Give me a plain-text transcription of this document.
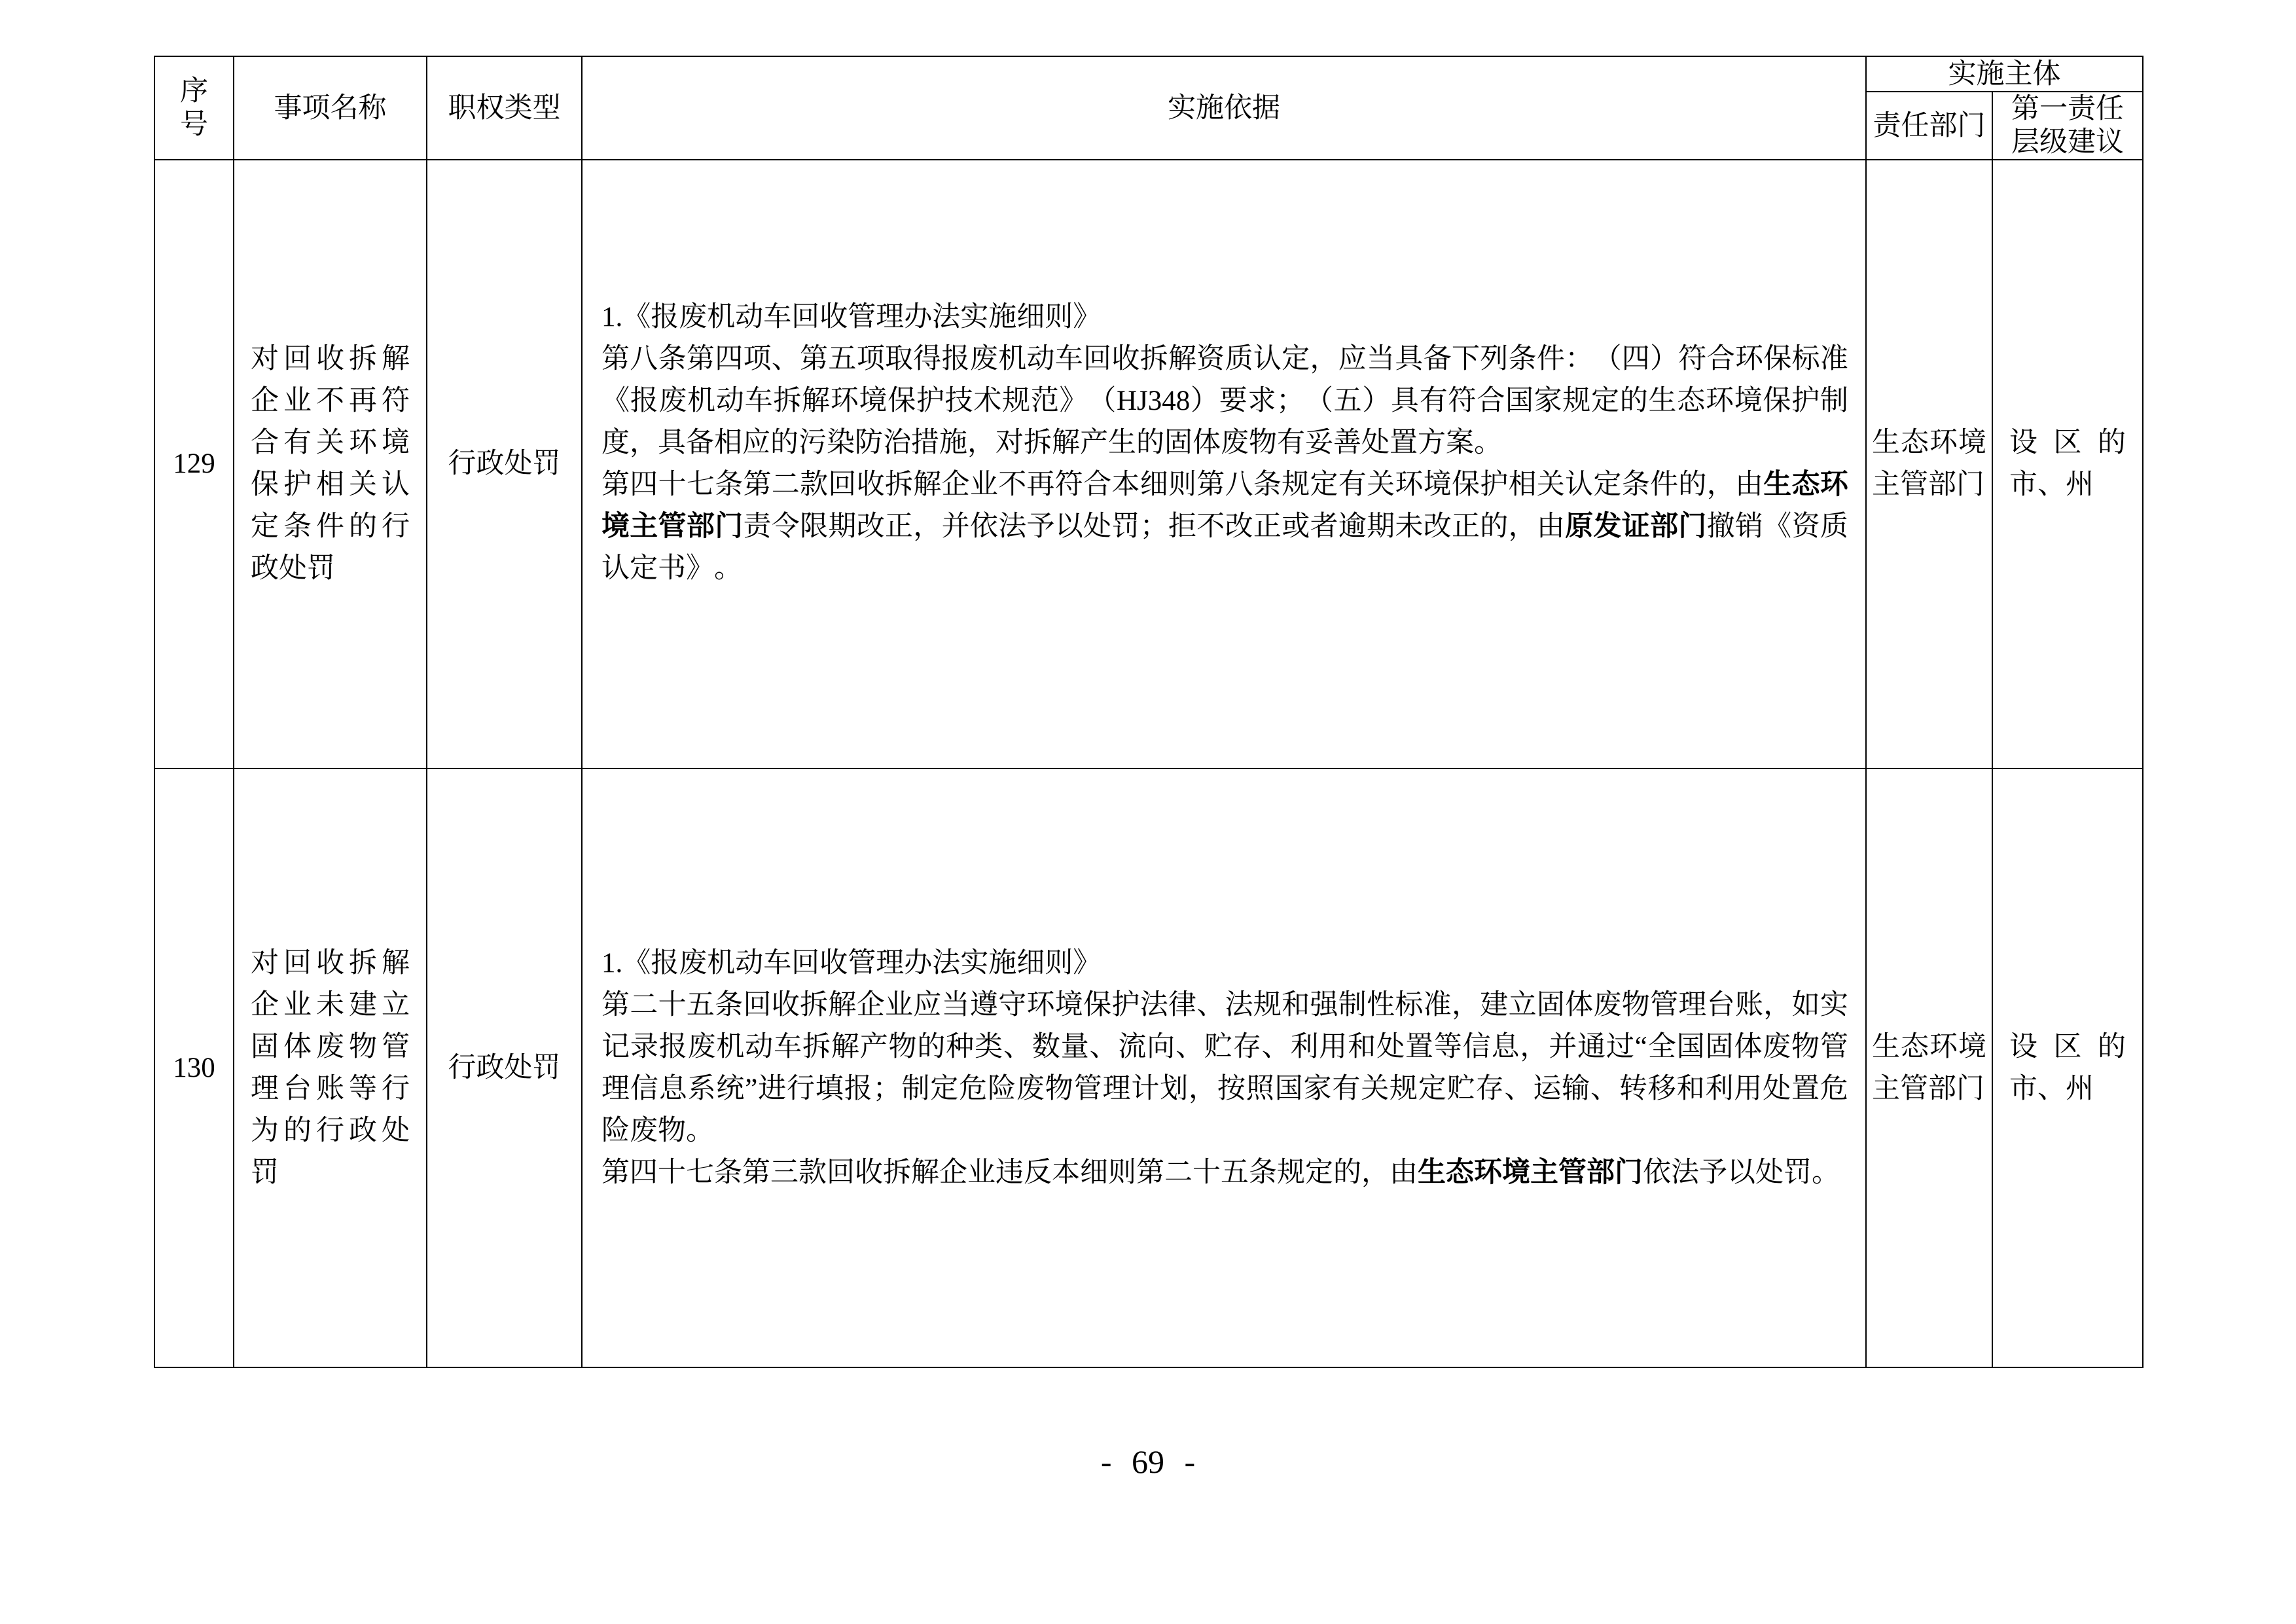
序号	事项名称	职权类型	实施依据	实施主体	
				责任部门	第一责任层级建议
129	对回收拆解企业不再符合有关环境保护相关认定条件的行政处罚	行政处罚	1.《报废机动车回收管理办法实施细则》
第八条第四项、第五项取得报废机动车回收拆解资质认定，应当具备下列条件：（四）符合环保标准《报废机动车拆解环境保护技术规范》（HJ348）要求；（五）具有符合国家规定的生态环境保护制度，具备相应的污染防治措施，对拆解产生的固体废物有妥善处置方案。
第四十七条第二款回收拆解企业不再符合本细则第八条规定有关环境保护相关认定条件的，由生态环境主管部门责令限期改正，并依法予以处罚；拒不改正或者逾期未改正的，由原发证部门撤销《资质认定书》。	生态环境主管部门	设区的市、州

130	对回收拆解企业未建立固体废物管理台账等行为的行政处罚	行政处罚	1.《报废机动车回收管理办法实施细则》
第二十五条回收拆解企业应当遵守环境保护法律、法规和强制性标准，建立固体废物管理台账，如实记录报废机动车拆解产物的种类、数量、流向、贮存、利用和处置等信息，并通过“全国固体废物管理信息系统”进行填报；制定危险废物管理计划，按照国家有关规定贮存、运输、转移和利用处置危险废物。
第四十七条第三款回收拆解企业违反本细则第二十五条规定的，由生态环境主管部门依法予以处罚。	生态环境主管部门	设区的市、州
- 69 -
